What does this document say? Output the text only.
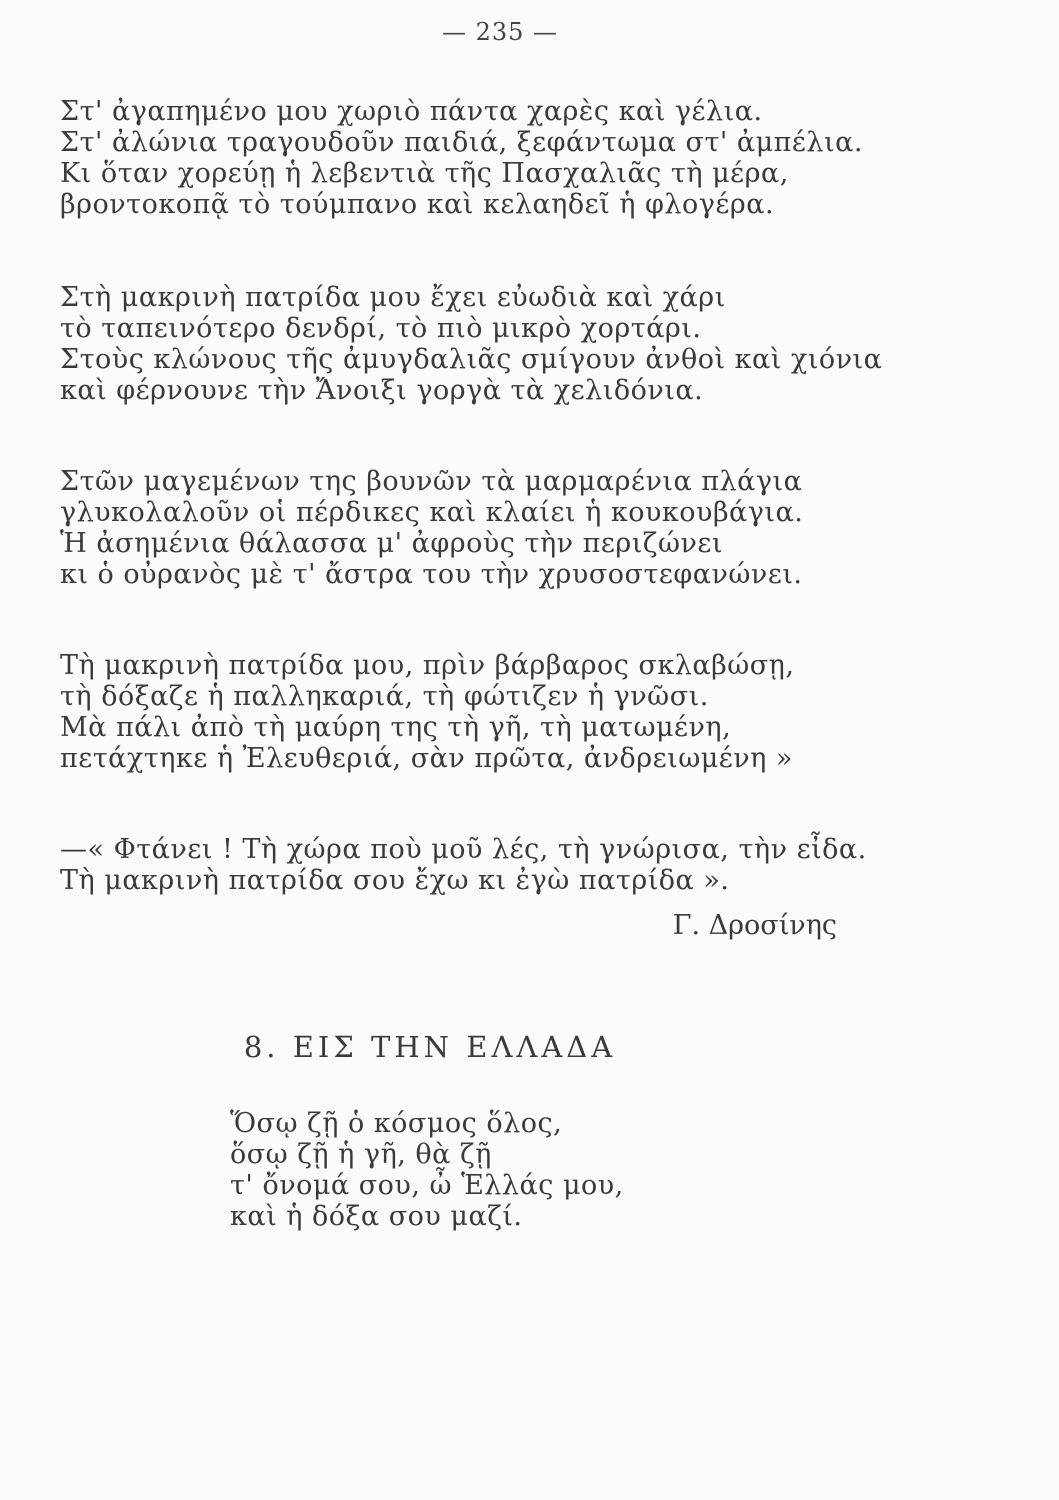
— 235 —
Στ' ἀγαπημένο μου χωριὸ πάντα χαρὲς καὶ γέλια.
Στ' ἀλώνια τραγουδοῦν παιδιά, ξεφάντωμα στ' ἀμπέλια.
Κι ὅταν χορεύῃ ἡ λεβεντιὰ τῆς Πασχαλιᾶς τὴ μέρα,
βροντοκοπᾷ τὸ τούμπανο καὶ κελαηδεῖ ἡ φλογέρα.
Στὴ μακρινὴ πατρίδα μου ἔχει εὐωδιὰ καὶ χάρι
τὸ ταπεινότερο δενδρί, τὸ πιὸ μικρὸ χορτάρι.
Στοὺς κλώνους τῆς ἀμυγδαλιᾶς σμίγουν ἀνθοὶ καὶ χιόνια
καὶ φέρνουνε τὴν Ἄνοιξι γοργὰ τὰ χελιδόνια.
Στῶν μαγεμένων της βουνῶν τὰ μαρμαρένια πλάγια
γλυκολαλοῦν οἱ πέρδικες καὶ κλαίει ἡ κουκουβάγια.
Ἡ ἀσημένια θάλασσα μ' ἀφροὺς τὴν περιζώνει
κι ὁ οὐρανὸς μὲ τ' ἄστρα του τὴν χρυσοστεφανώνει.
Τὴ μακρινὴ πατρίδα μου, πρὶν βάρβαρος σκλαβώσῃ,
τὴ δόξαζε ἡ παλληκαριά, τὴ φώτιζεν ἡ γνῶσι.
Μὰ πάλι ἀπὸ τὴ μαύρη της τὴ γῆ, τὴ ματωμένη,
πετάχτηκε ἡ Ἐλευθεριά, σὰν πρῶτα, ἀνδρειωμένη »
—« Φτάνει ! Τὴ χώρα ποὺ μοῦ λές, τὴ γνώρισα, τὴν εἶδα.
Τὴ μακρινὴ πατρίδα σου ἔχω κι ἐγὼ πατρίδα ».
Γ. Δροσίνης
8. ΕΙΣ ΤΗΝ ΕΛΛΑΔΑ
Ὅσῳ ζῇ ὁ κόσμος ὅλος,
ὅσῳ ζῇ ἡ γῆ, θὰ ζῇ
τ' ὄνομά σου, ὦ Ἑλλάς μου,
καὶ ἡ δόξα σου μαζί.
